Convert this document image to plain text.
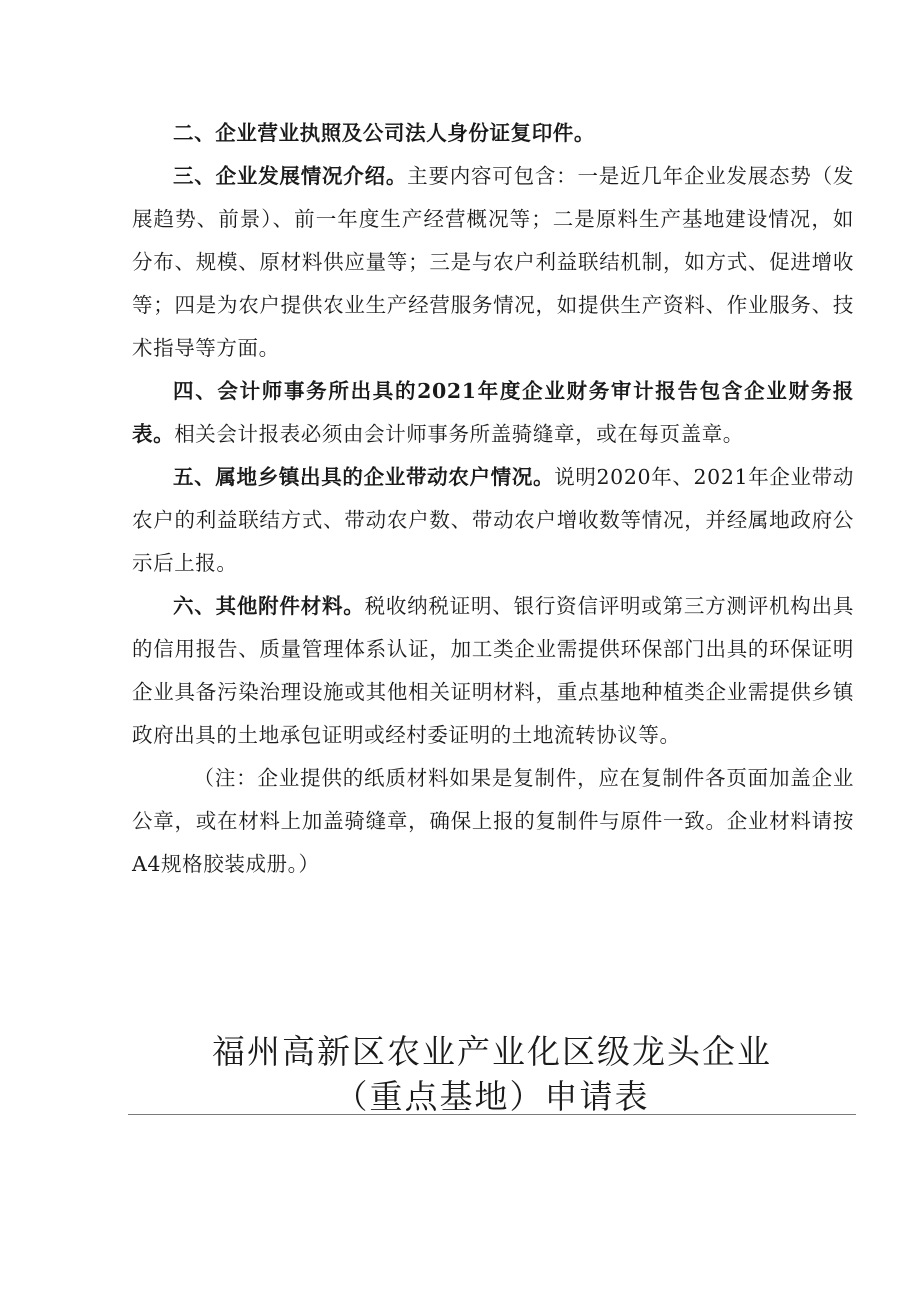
二、企业营业执照及公司法人身份证复印件。

三、企业发展情况介绍。主要内容可包含：一是近几年企业发展态势（发展趋势、前景）、前一年度生产经营概况等；二是原料生产基地建设情况，如分布、规模、原材料供应量等；三是与农户利益联结机制，如方式、促进增收等；四是为农户提供农业生产经营服务情况，如提供生产资料、作业服务、技术指导等方面。

四、会计师事务所出具的2021年度企业财务审计报告包含企业财务报表。相关会计报表必须由会计师事务所盖骑缝章，或在每页盖章。

五、属地乡镇出具的企业带动农户情况。说明2020年、2021年企业带动农户的利益联结方式、带动农户数、带动农户增收数等情况，并经属地政府公示后上报。

六、其他附件材料。税收纳税证明、银行资信评明或第三方测评机构出具的信用报告、质量管理体系认证，加工类企业需提供环保部门出具的环保证明企业具备污染治理设施或其他相关证明材料，重点基地种植类企业需提供乡镇政府出具的土地承包证明或经村委证明的土地流转协议等。

（注：企业提供的纸质材料如果是复制件，应在复制件各页面加盖企业公章，或在材料上加盖骑缝章，确保上报的复制件与原件一致。企业材料请按A4规格胶装成册。）

福州高新区农业产业化区级龙头企业
（重点基地）申请表
